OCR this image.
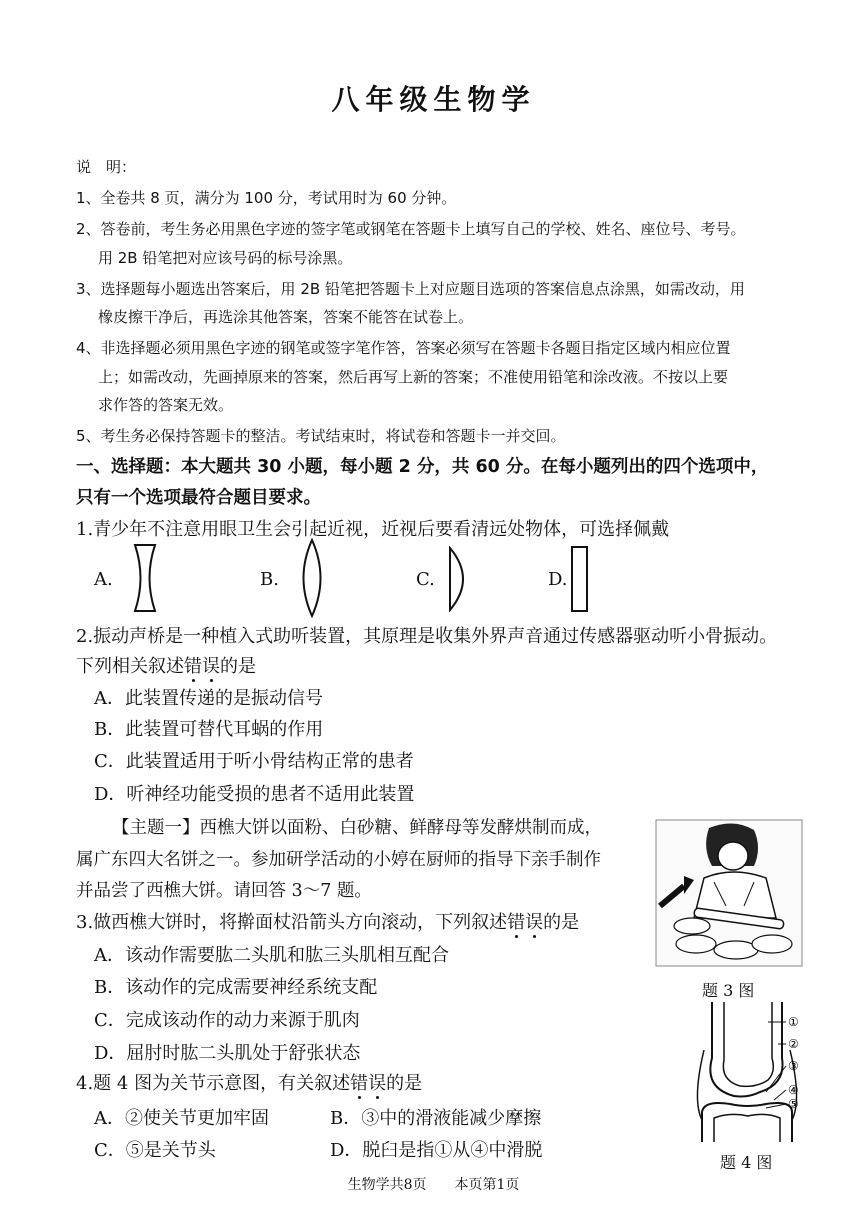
八年级生物学
说　明：
1、全卷共 8 页，满分为 100 分，考试用时为 60 分钟。
2、答卷前，考生务必用黑色字迹的签字笔或钢笔在答题卡上填写自己的学校、姓名、座位号、考号。
用 2B 铅笔把对应该号码的标号涂黑。
3、选择题每小题选出答案后，用 2B 铅笔把答题卡上对应题目选项的答案信息点涂黑，如需改动，用
橡皮擦干净后，再选涂其他答案，答案不能答在试卷上。
4、非选择题必须用黑色字迹的钢笔或签字笔作答，答案必须写在答题卡各题目指定区域内相应位置
上；如需改动，先画掉原来的答案，然后再写上新的答案；不准使用铅笔和涂改液。不按以上要
求作答的答案无效。
5、考生务必保持答题卡的整洁。考试结束时，将试卷和答题卡一并交回。
一、选择题：本大题共 30 小题，每小题 2 分，共 60 分。在每小题列出的四个选项中，
只有一个选项最符合题目要求。
1.青少年不注意用眼卫生会引起近视，近视后要看清远处物体，可选择佩戴
A.	B.	C.	D.
2.振动声桥是一种植入式助听装置，其原理是收集外界声音通过传感器驱动听小骨振动。
下列相关叙述错误的是
A．此装置传递的是振动信号
B．此装置可替代耳蜗的作用
C．此装置适用于听小骨结构正常的患者
D．听神经功能受损的患者不适用此装置
【主题一】西樵大饼以面粉、白砂糖、鲜酵母等发酵烘制而成，
属广东四大名饼之一。参加研学活动的小婷在厨师的指导下亲手制作
并品尝了西樵大饼。请回答 3～7 题。
题 3 图
3.做西樵大饼时，将擀面杖沿箭头方向滚动，下列叙述错误的是
A．该动作需要肱二头肌和肱三头肌相互配合
B．该动作的完成需要神经系统支配
C．完成该动作的动力来源于肌肉
D．屈肘时肱二头肌处于舒张状态
①
②
③
④
⑤
题 4 图
4.题 4 图为关节示意图，有关叙述错误的是
A．②使关节更加牢固	B．③中的滑液能减少摩擦
C．⑤是关节头	D．脱臼是指①从④中滑脱
生物学共8页　　本页第1页
